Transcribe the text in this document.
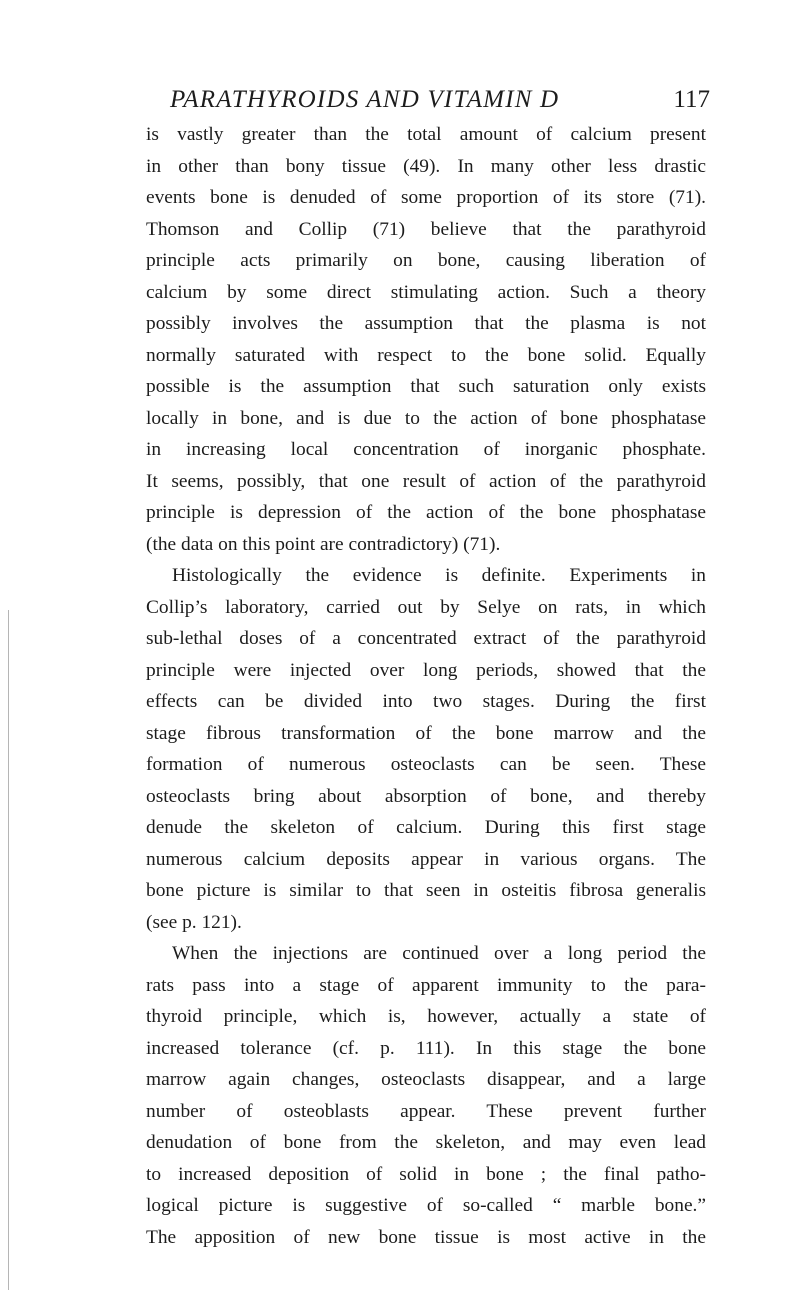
PARATHYROIDS AND VITAMIN D	117
is vastly greater than the total amount of calcium present
in other than bony tissue (49). In many other less drastic
events bone is denuded of some proportion of its store (71).
Thomson and Collip (71) believe that the parathyroid
principle acts primarily on bone, causing liberation of
calcium by some direct stimulating action. Such a theory
possibly involves the assumption that the plasma is not
normally saturated with respect to the bone solid. Equally
possible is the assumption that such saturation only exists
locally in bone, and is due to the action of bone phosphatase
in increasing local concentration of inorganic phosphate.
It seems, possibly, that one result of action of the parathyroid
principle is depression of the action of the bone phosphatase
(the data on this point are contradictory) (71).
Histologically the evidence is definite. Experiments in
Collip’s laboratory, carried out by Selye on rats, in which
sub-lethal doses of a concentrated extract of the parathyroid
principle were injected over long periods, showed that the
effects can be divided into two stages. During the first
stage fibrous transformation of the bone marrow and the
formation of numerous osteoclasts can be seen. These
osteoclasts bring about absorption of bone, and thereby
denude the skeleton of calcium. During this first stage
numerous calcium deposits appear in various organs. The
bone picture is similar to that seen in osteitis fibrosa generalis
(see p. 121).
When the injections are continued over a long period the
rats pass into a stage of apparent immunity to the para-
thyroid principle, which is, however, actually a state of
increased tolerance (cf. p. 111). In this stage the bone
marrow again changes, osteoclasts disappear, and a large
number of osteoblasts appear. These prevent further
denudation of bone from the skeleton, and may even lead
to increased deposition of solid in bone ; the final patho-
logical picture is suggestive of so-called “ marble bone.”
The apposition of new bone tissue is most active in the
